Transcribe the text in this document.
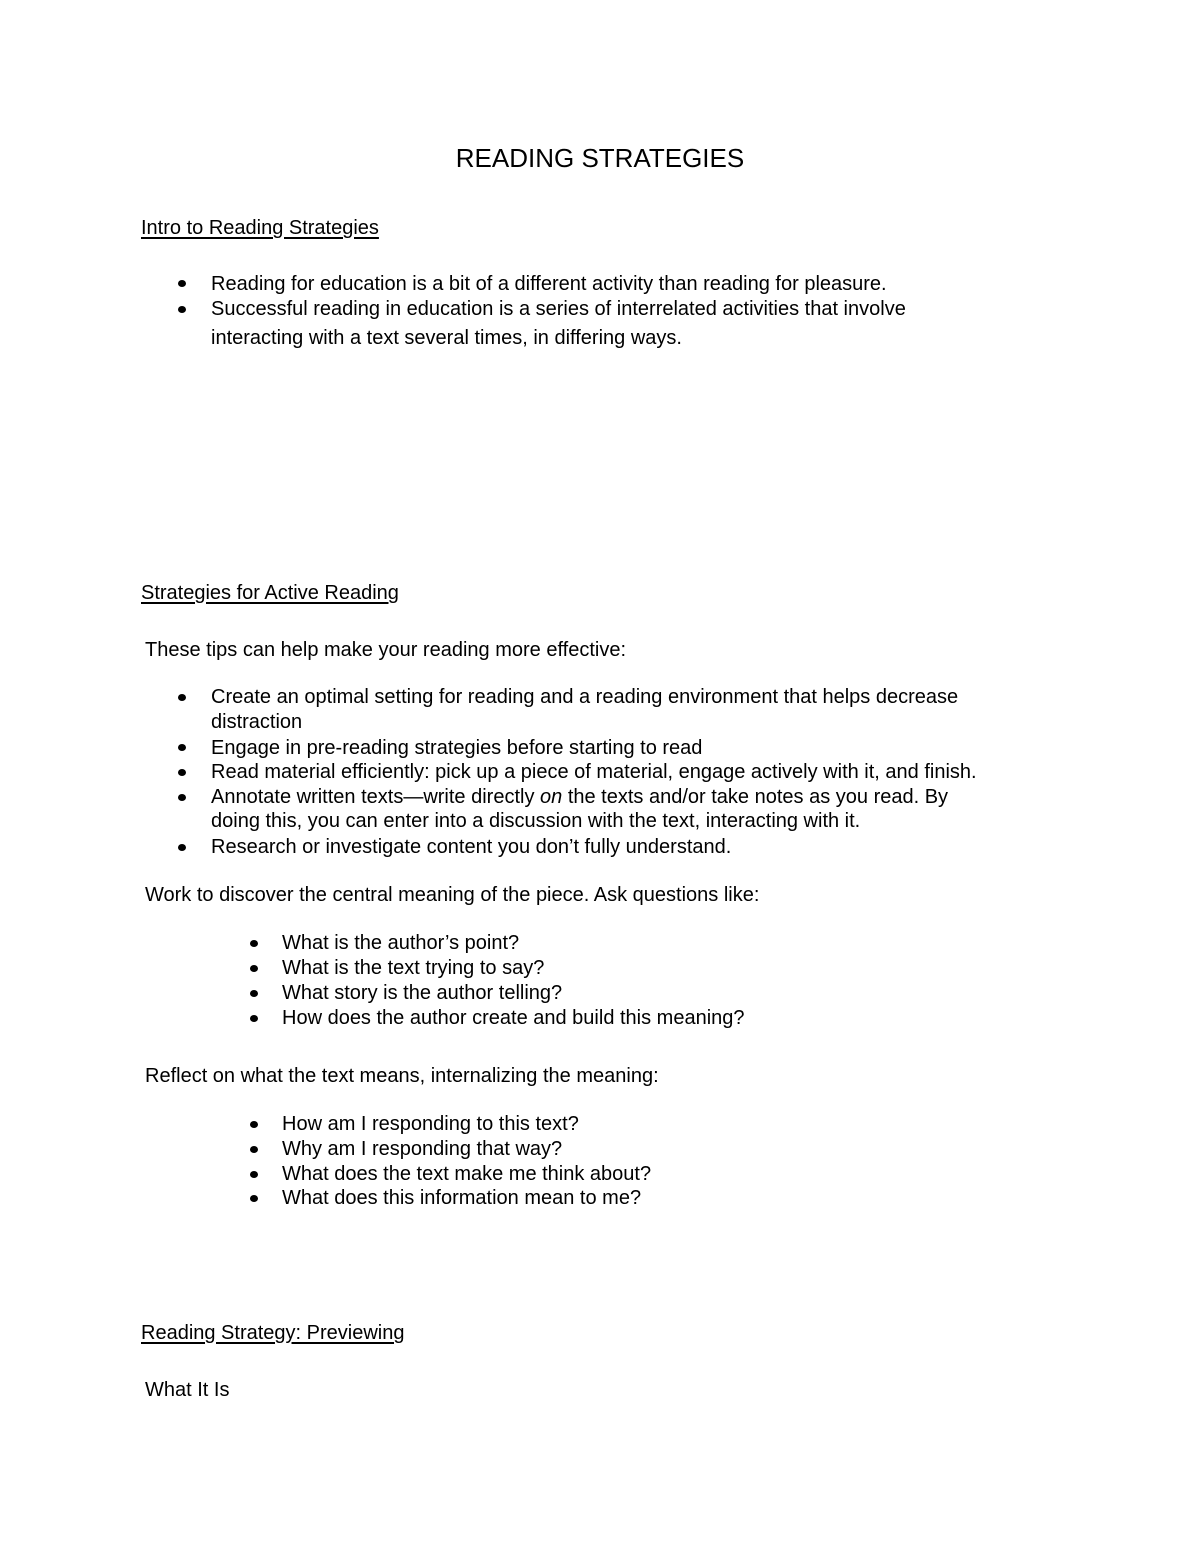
READING STRATEGIES
Intro to Reading Strategies
Reading for education is a bit of a different activity than reading for pleasure.
Successful reading in education is a series of interrelated activities that involve
interacting with a text several times, in differing ways.
Strategies for Active Reading
These tips can help make your reading more effective:
Create an optimal setting for reading and a reading environment that helps decrease
distraction
Engage in pre-reading strategies before starting to read
Read material efficiently: pick up a piece of material, engage actively with it, and finish.
Annotate written texts—write directly on the texts and/or take notes as you read. By
doing this, you can enter into a discussion with the text, interacting with it.
Research or investigate content you don’t fully understand.
Work to discover the central meaning of the piece. Ask questions like:
What is the author’s point?
What is the text trying to say?
What story is the author telling?
How does the author create and build this meaning?
Reflect on what the text means, internalizing the meaning:
How am I responding to this text?
Why am I responding that way?
What does the text make me think about?
What does this information mean to me?
Reading Strategy: Previewing
What It Is
